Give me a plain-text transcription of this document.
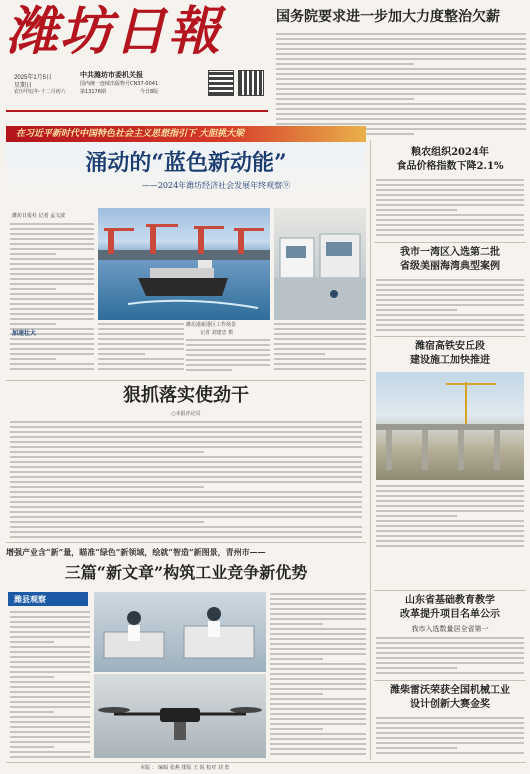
潍坊日報
2025年1月5日
星期日
农历甲辰年·十二月初六
中共潍坊市委机关报
国内统一连续出版物号CN37-0041
第13176期	今日8版
国务院要求进一步加大力度整治欠薪
在习近平新时代中国特色社会主义思想指引下 大胆挑大梁
涌动的“蓝色新动能”
——2024年潍坊经济社会发展年终观察⑨
潍坊日报社 记者 孟文波
加速壮大
潍坊港新港区工作场景
记者 刘建忠 摄
狠抓落实使劲干
○本报评论员
增强产业含“新”量，瞄准“绿色”新领域，绘就“智造”新图景，青州市——
三篇“新文章”构筑工业竞争新优势
潍县观察
粮农组织2024年
食品价格指数下降2.1%
我市一湾区入选第二批
省级美丽海湾典型案例
潍宿高铁安丘段
建设施工加快推进
山东省基础教育教学
改革提升项目名单公示
我市入选数量居全省第一
潍柴雷沃荣获全国机械工业
设计创新大赛金奖
本版 ： 编辑 张燕 排版 王 锐 校对 刘 勇
